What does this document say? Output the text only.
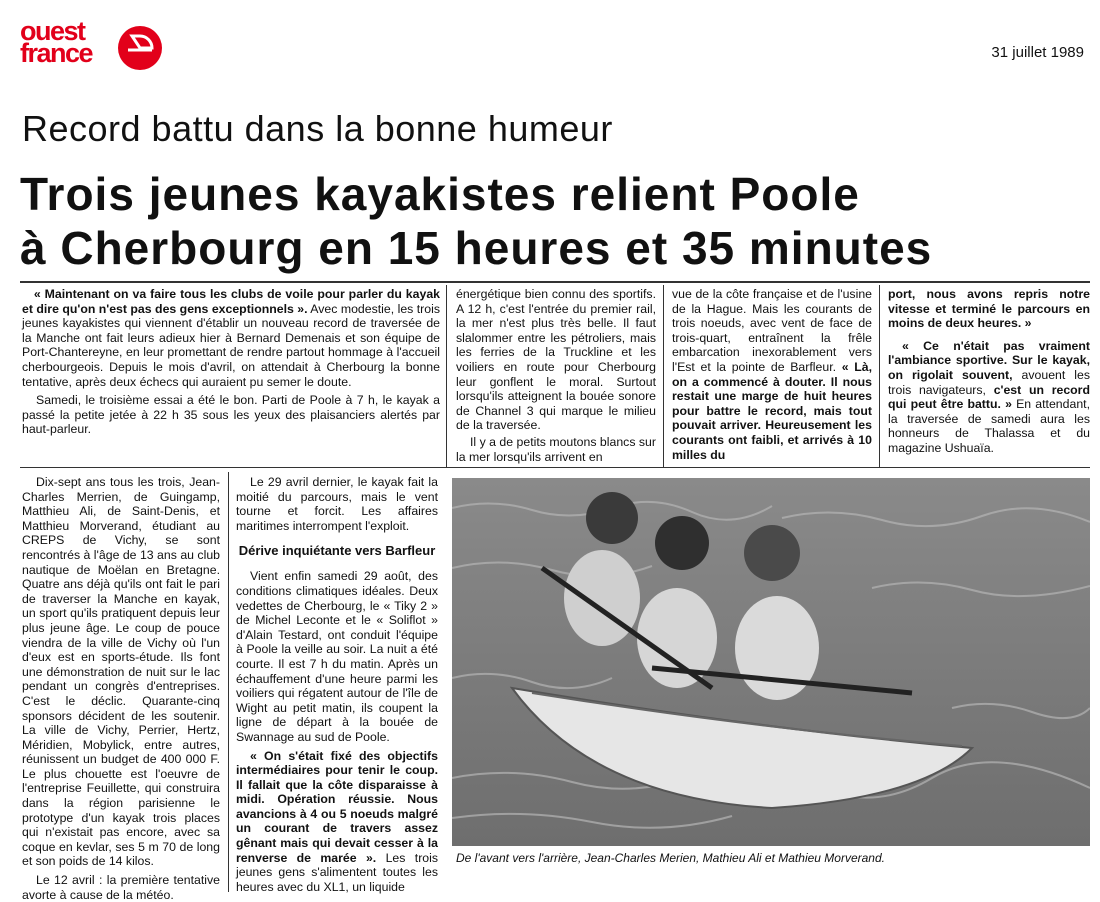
ouest
france	31 juillet 1989
Record battu dans la bonne humeur
Trois jeunes kayakistes relient Poole
à Cherbourg en 15 heures et 35 minutes

« Maintenant on va faire tous les clubs de voile pour parler du kayak et dire qu'on n'est pas des gens exceptionnels ». Avec modestie, les trois jeunes kayakistes qui viennent d'établir un nouveau record de traversée de la Manche ont fait leurs adieux hier à Bernard Demenais et son équipe de Port-Chantereyne, en leur promettant de rendre partout hommage à l'accueil cherbourgeois. Depuis le mois d'avril, on attendait à Cherbourg la bonne tentative, après deux échecs qui auraient pu semer le doute.

Samedi, le troisième essai a été le bon. Parti de Poole à 7 h, le kayak a passé la petite jetée à 22 h 35 sous les yeux des plaisanciers alertés par haut-parleur.

Dix-sept ans tous les trois, Jean-Charles Merrien, de Guingamp, Matthieu Ali, de Saint-Denis, et Matthieu Morverand, étudiant au CREPS de Vichy, se sont rencontrés à l'âge de 13 ans au club nautique de Moëlan en Bretagne. Quatre ans déjà qu'ils ont fait le pari de traverser la Manche en kayak, un sport qu'ils pratiquent depuis leur plus jeune âge. Le coup de pouce viendra de la ville de Vichy où l'un d'eux est en sports-étude. Ils font une démonstration de nuit sur le lac pendant un congrès d'entreprises. C'est le déclic. Quarante-cinq sponsors décident de les soutenir. La ville de Vichy, Perrier, Hertz, Méridien, Mobylick, entre autres, réunissent un budget de 400 000 F. Le plus chouette est l'oeuvre de l'entreprise Feuillette, qui construira dans la région parisienne le prototype d'un kayak trois places qui n'existait pas encore, avec sa coque en kevlar, ses 5 m 70 de long et son poids de 14 kilos.

Le 12 avril : la première tentative avorte à cause de la météo.

Le 29 avril dernier, le kayak fait la moitié du parcours, mais le vent tourne et forcit. Les affaires maritimes interrompent l'exploit.

Dérive inquiétante vers Barfleur

Vient enfin samedi 29 août, des conditions climatiques idéales. Deux vedettes de Cherbourg, le « Tiky 2 » de Michel Leconte et le « Soliflot » d'Alain Testard, ont conduit l'équipe à Poole la veille au soir. La nuit a été courte. Il est 7 h du matin. Après un échauffement d'une heure parmi les voiliers qui régatent autour de l'île de Wight au petit matin, ils coupent la ligne de départ à la bouée de Swannage au sud de Poole.

« On s'était fixé des objectifs intermédiaires pour tenir le coup. Il fallait que la côte disparaisse à midi. Opération réussie. Nous avancions à 4 ou 5 noeuds malgré un courant de travers assez gênant mais qui devait cesser à la renverse de marée ». Les trois jeunes gens s'alimentent toutes les heures avec du XL1, un liquide

énergétique bien connu des sportifs. A 12 h, c'est l'entrée du premier rail, la mer n'est plus très belle. Il faut slalommer entre les pétroliers, mais les ferries de la Truckline et les voiliers en route pour Cherbourg leur gonflent le moral. Surtout lorsqu'ils atteignent la bouée sonore de Channel 3 qui marque le milieu de la traversée.

Il y a de petits moutons blancs sur la mer lorsqu'ils arrivent en

vue de la côte française et de l'usine de la Hague. Mais les courants de trois noeuds, avec vent de face de trois-quart, entraînent la frêle embarcation inexorablement vers l'Est et la pointe de Barfleur. « Là, on a commencé à douter. Il nous restait une marge de huit heures pour battre le record, mais tout pouvait arriver. Heureusement les courants ont faibli, et arrivés à 10 milles du

port, nous avons repris notre vitesse et terminé le parcours en moins de deux heures. »

« Ce n'était pas vraiment l'ambiance sportive. Sur le kayak, on rigolait souvent, avouent les trois navigateurs, c'est un record qui peut être battu. » En attendant, la traversée de samedi aura les honneurs de Thalassa et du magazine Ushuaïa.

De l'avant vers l'arrière, Jean-Charles Merien, Mathieu Ali et Mathieu Morverand.
